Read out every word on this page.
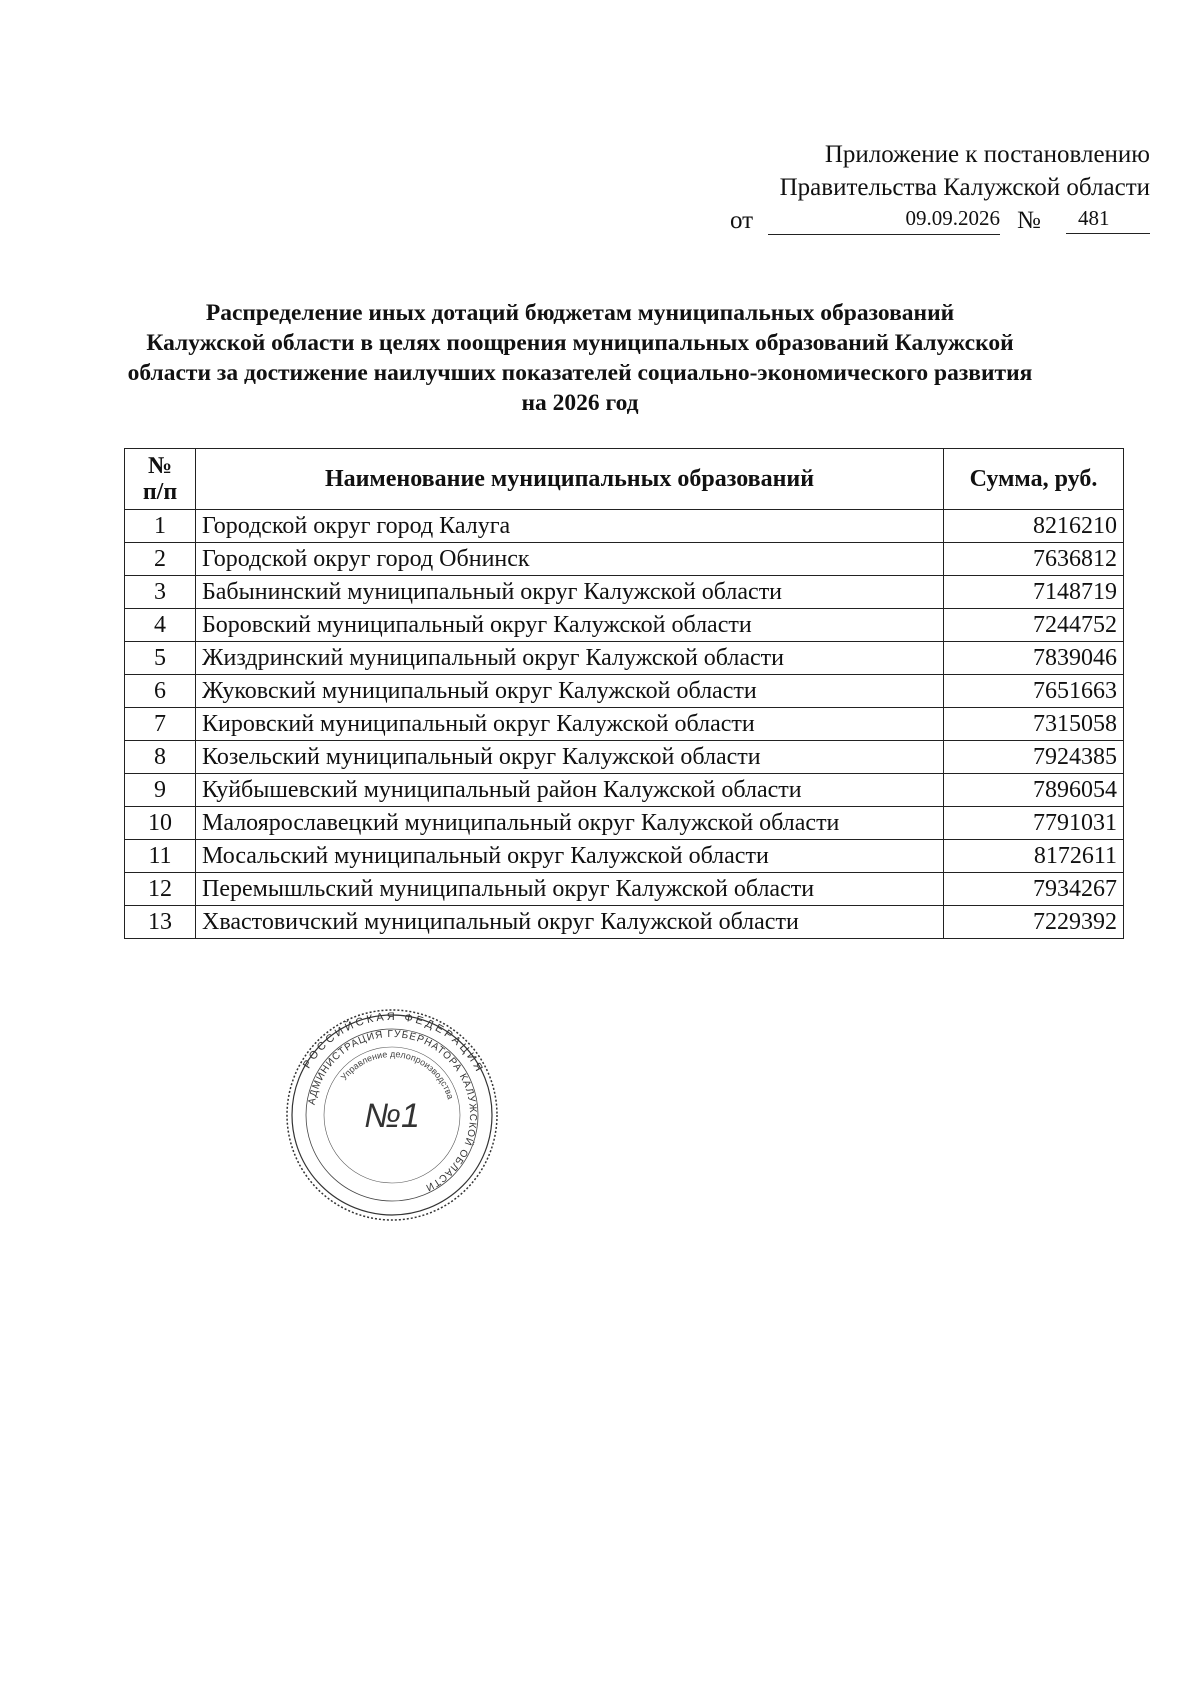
Приложение к постановлению
Правительства Калужской области
от	09.09.2026 №	481
Распределение иных дотаций бюджетам муниципальных образований
Калужской области в целях поощрения муниципальных образований Калужской
области за достижение наилучших показателей социально-экономического развития
на 2026 год
№
п/п	Наименование муниципальных образований	Сумма, руб.
1	Городской округ город Калуга	8216210
2	Городской округ город Обнинск	7636812
3	Бабынинский муниципальный округ Калужской области	7148719
4	Боровский муниципальный округ Калужской области	7244752
5	Жиздринский муниципальный округ Калужской области	7839046
6	Жуковский муниципальный округ Калужской области	7651663
7	Кировский муниципальный округ Калужской области	7315058
8	Козельский муниципальный округ Калужской области	7924385
9	Куйбышевский муниципальный район Калужской области	7896054
10	Малоярославецкий муниципальный округ Калужской области	7791031
11	Мосальский муниципальный округ Калужской области	8172611
12	Перемышльский муниципальный округ Калужской области	7934267
13	Хвастовичский муниципальный округ Калужской области	7229392
РОССИЙСКАЯ ФЕДЕРАЦИЯ
АДМИНИСТРАЦИЯ ГУБЕРНАТОРА КАЛУЖСКОЙ ОБЛАСТИ
Управление делопроизводства
№1
